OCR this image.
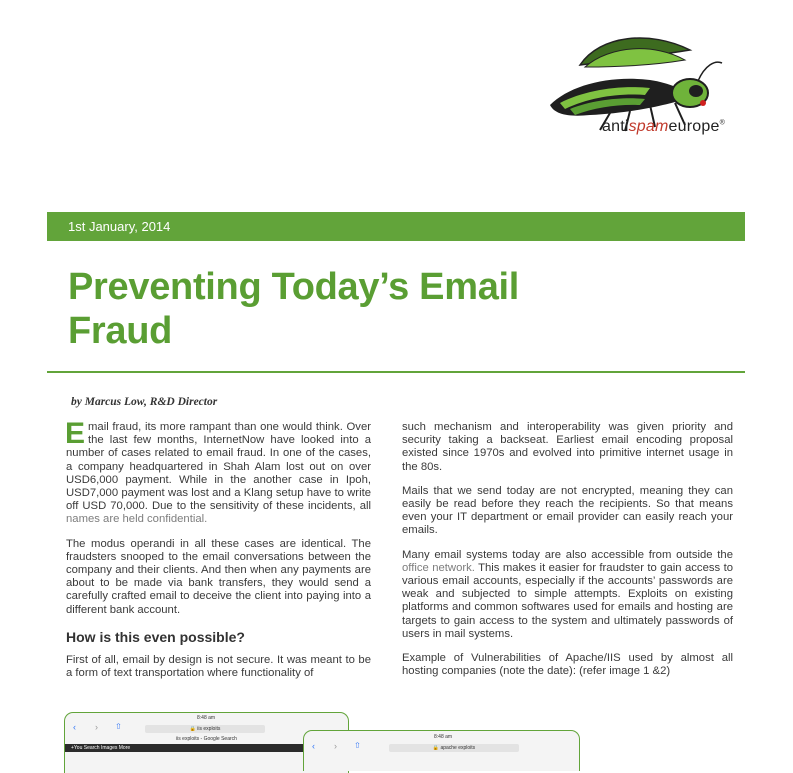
antispameurope®
1st January, 2014
Preventing Today’s Email Fraud
by Marcus Low, R&D Director

Email fraud, its more rampant than one would think. Over the last few months, InternetNow have looked into a number of cases related to email fraud. In one of the cases, a company headquartered in Shah Alam lost out on over USD6,000 payment. While in the another case in Ipoh, USD7,000 payment was lost and a Klang setup have to write off USD 70,000. Due to the sensitivity of these incidents, all names are held confidential.

The modus operandi in all these cases are identical. The fraudsters snooped to the email conversations between the company and their clients. And then when any payments are about to be made via bank transfers, they would send a carefully crafted email to deceive the client into paying into a different bank account.

How is this even possible?

First of all, email by design is not secure. It was meant to be a form of text transportation where functionality of

such mechanism and interoperability was given priority and security taking a backseat. Earliest email encoding proposal existed since 1970s and evolved into primitive internet usage in the 80s.

Mails that we send today are not encrypted, meaning they can easily be read before they reach the recipients. So that means even your IT department or email provider can easily reach your emails.

Many email systems today are also accessible from outside the office network. This makes it easier for fraudster to gain access to various email accounts, especially if the accounts’ passwords are weak and subjected to simple attempts. Exploits on existing platforms and common softwares used for emails and hosting are targets to gain access to the system and ultimately passwords of users in mail systems.

Example of Vulnerabilities of Apache/IIS used by almost all hosting companies (note the date): (refer image 1 &2)

8:48 am
‹ › ⇧	🔒 iis exploits
iis exploits - Google Search
+You Search Images More
8:48 am
‹ › ⇧	🔒 apache exploits
